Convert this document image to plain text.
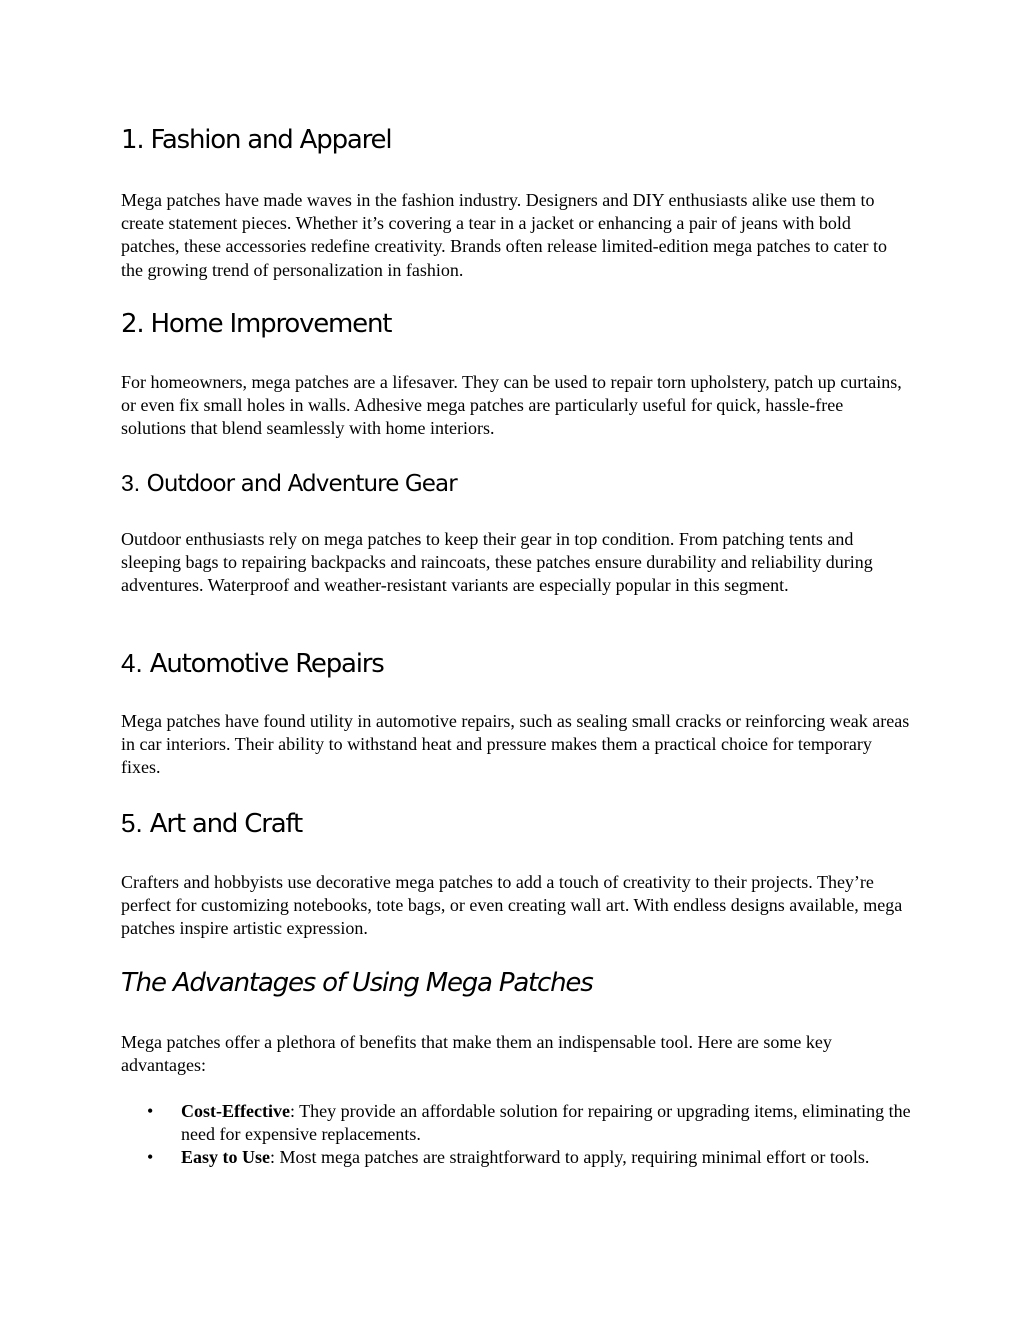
1. Fashion and Apparel

Mega patches have made waves in the fashion industry. Designers and DIY enthusiasts alike use them to create statement pieces. Whether it’s covering a tear in a jacket or enhancing a pair of jeans with bold patches, these accessories redefine creativity. Brands often release limited-edition mega patches to cater to the growing trend of personalization in fashion.

2. Home Improvement

For homeowners, mega patches are a lifesaver. They can be used to repair torn upholstery, patch up curtains, or even fix small holes in walls. Adhesive mega patches are particularly useful for quick, hassle-free solutions that blend seamlessly with home interiors.

3. Outdoor and Adventure Gear

Outdoor enthusiasts rely on mega patches to keep their gear in top condition. From patching tents and sleeping bags to repairing backpacks and raincoats, these patches ensure durability and reliability during adventures. Waterproof and weather-resistant variants are especially popular in this segment.

4. Automotive Repairs

Mega patches have found utility in automotive repairs, such as sealing small cracks or reinforcing weak areas in car interiors. Their ability to withstand heat and pressure makes them a practical choice for temporary fixes.

5. Art and Craft

Crafters and hobbyists use decorative mega patches to add a touch of creativity to their projects. They’re perfect for customizing notebooks, tote bags, or even creating wall art. With endless designs available, mega patches inspire artistic expression.

The Advantages of Using Mega Patches

Mega patches offer a plethora of benefits that make them an indispensable tool. Here are some key advantages:

• Cost-Effective: They provide an affordable solution for repairing or upgrading items, eliminating the need for expensive replacements.
• Easy to Use: Most mega patches are straightforward to apply, requiring minimal effort or tools.
